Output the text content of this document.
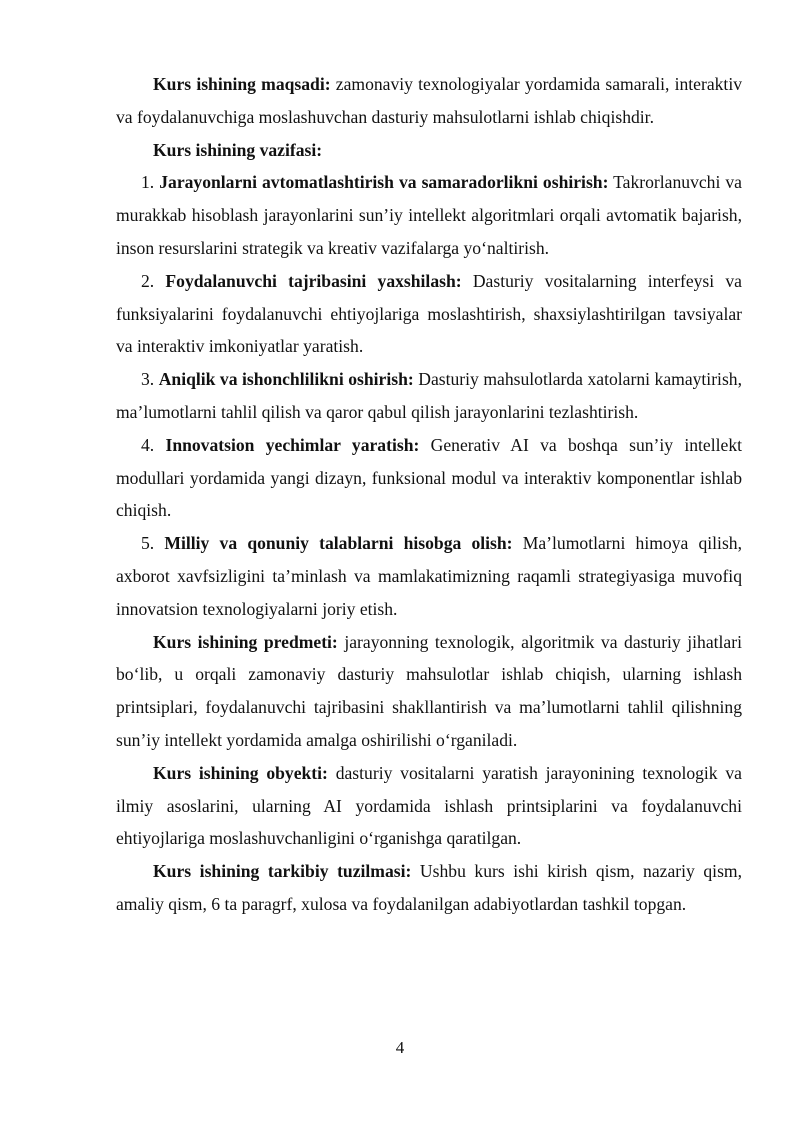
Kurs ishining maqsadi: zamonaviy texnologiyalar yordamida samarali, interaktiv va foydalanuvchiga moslashuvchan dasturiy mahsulotlarni ishlab chiqishdir.

Kurs ishining vazifasi:

1. Jarayonlarni avtomatlashtirish va samaradorlikni oshirish: Takrorlanuvchi va murakkab hisoblash jarayonlarini sun’iy intellekt algoritmlari orqali avtomatik bajarish, inson resurslarini strategik va kreativ vazifalarga yo‘naltirish.

2. Foydalanuvchi tajribasini yaxshilash: Dasturiy vositalarning interfeysi va funksiyalarini foydalanuvchi ehtiyojlariga moslashtirish, shaxsiylashtirilgan tavsiyalar va interaktiv imkoniyatlar yaratish.

3. Aniqlik va ishonchlilikni oshirish: Dasturiy mahsulotlarda xatolarni kamaytirish, ma’lumotlarni tahlil qilish va qaror qabul qilish jarayonlarini tezlashtirish.

4. Innovatsion yechimlar yaratish: Generativ AI va boshqa sun’iy intellekt modullari yordamida yangi dizayn, funksional modul va interaktiv komponentlar ishlab chiqish.

5. Milliy va qonuniy talablarni hisobga olish: Ma’lumotlarni himoya qilish, axborot xavfsizligini ta’minlash va mamlakatimizning raqamli strategiyasiga muvofiq innovatsion texnologiyalarni joriy etish.

Kurs ishining predmeti: jarayonning texnologik, algoritmik va dasturiy jihatlari bo‘lib, u orqali zamonaviy dasturiy mahsulotlar ishlab chiqish, ularning ishlash printsiplari, foydalanuvchi tajribasini shakllantirish va ma’lumotlarni tahlil qilishning sun’iy intellekt yordamida amalga oshirilishi o‘rganiladi.

Kurs ishining obyekti: dasturiy vositalarni yaratish jarayonining texnologik va ilmiy asoslarini, ularning AI yordamida ishlash printsiplarini va foydalanuvchi ehtiyojlariga moslashuvchanligini o‘rganishga qaratilgan.

Kurs ishining tarkibiy tuzilmasi: Ushbu kurs ishi kirish qism, nazariy qism, amaliy qism, 6 ta paragrf, xulosa va foydalanilgan adabiyotlardan tashkil topgan.

4
